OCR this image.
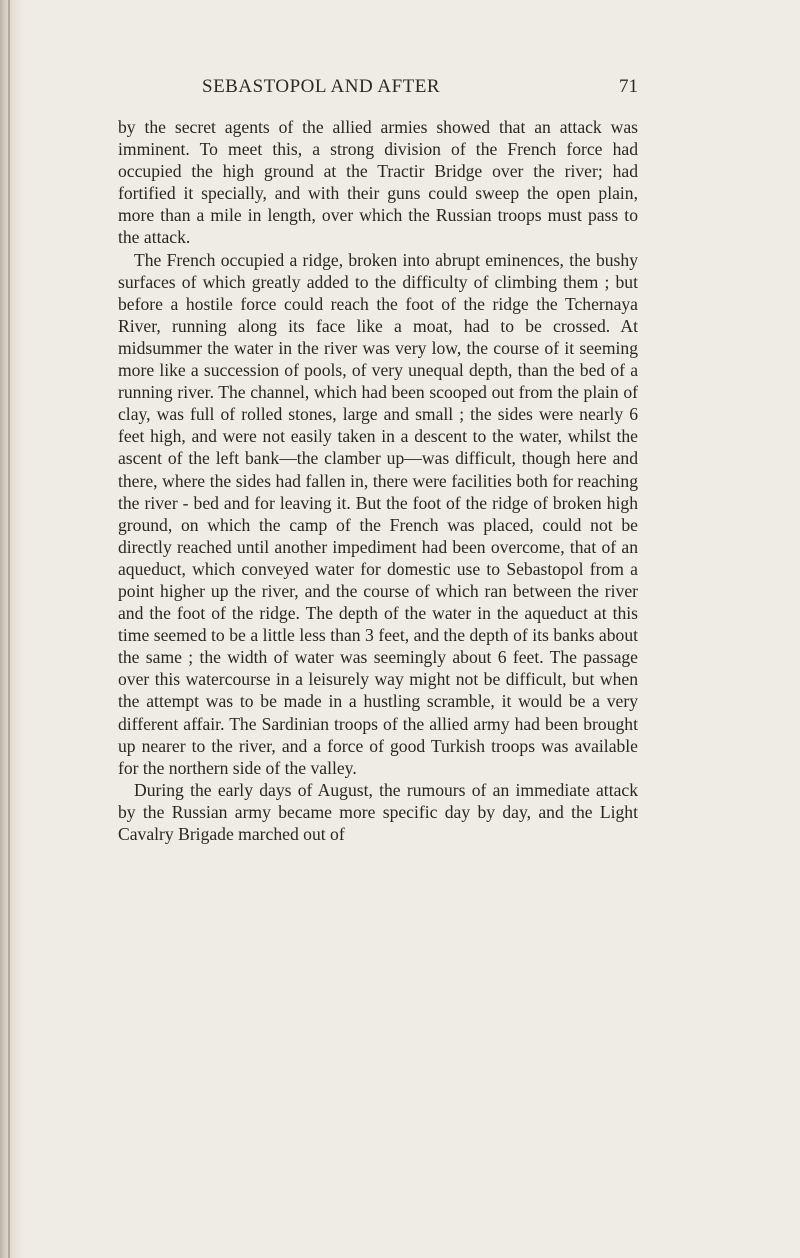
SEBASTOPOL AND AFTER	71

by the secret agents of the allied armies showed that an attack was imminent. To meet this, a strong division of the French force had occupied the high ground at the Tractir Bridge over the river; had fortified it specially, and with their guns could sweep the open plain, more than a mile in length, over which the Russian troops must pass to the attack.

The French occupied a ridge, broken into abrupt eminences, the bushy surfaces of which greatly added to the difficulty of climbing them ; but before a hostile force could reach the foot of the ridge the Tchernaya River, running along its face like a moat, had to be crossed. At midsummer the water in the river was very low, the course of it seeming more like a succession of pools, of very unequal depth, than the bed of a running river. The channel, which had been scooped out from the plain of clay, was full of rolled stones, large and small ; the sides were nearly 6 feet high, and were not easily taken in a descent to the water, whilst the ascent of the left bank—the clamber up—was difficult, though here and there, where the sides had fallen in, there were facilities both for reaching the river - bed and for leaving it. But the foot of the ridge of broken high ground, on which the camp of the French was placed, could not be directly reached until another impediment had been overcome, that of an aqueduct, which conveyed water for domestic use to Sebastopol from a point higher up the river, and the course of which ran between the river and the foot of the ridge. The depth of the water in the aqueduct at this time seemed to be a little less than 3 feet, and the depth of its banks about the same ; the width of water was seemingly about 6 feet. The passage over this watercourse in a leisurely way might not be difficult, but when the attempt was to be made in a hustling scramble, it would be a very different affair. The Sardinian troops of the allied army had been brought up nearer to the river, and a force of good Turkish troops was available for the northern side of the valley.

During the early days of August, the rumours of an immediate attack by the Russian army became more specific day by day, and the Light Cavalry Brigade marched out of
